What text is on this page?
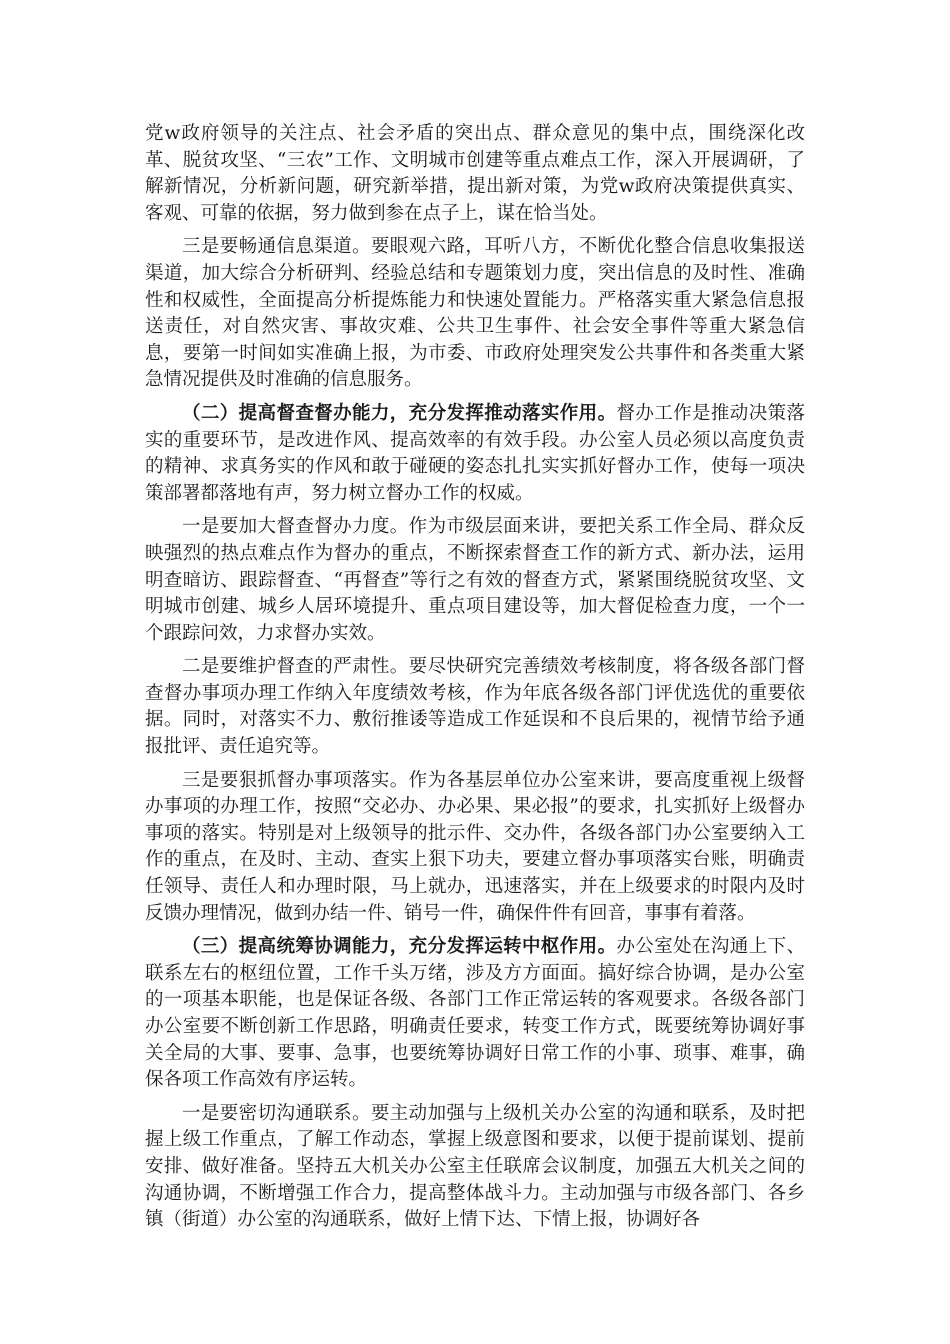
党w政府领导的关注点、社会矛盾的突出点、群众意见的集中点，围绕深化改革、脱贫攻坚、“三农”工作、文明城市创建等重点难点工作，深入开展调研，了解新情况，分析新问题，研究新举措，提出新对策，为党w政府决策提供真实、客观、可靠的依据，努力做到参在点子上，谋在恰当处。

三是要畅通信息渠道。要眼观六路，耳听八方，不断优化整合信息收集报送渠道，加大综合分析研判、经验总结和专题策划力度，突出信息的及时性、准确性和权威性，全面提高分析提炼能力和快速处置能力。严格落实重大紧急信息报送责任，对自然灾害、事故灾难、公共卫生事件、社会安全事件等重大紧急信息，要第一时间如实准确上报，为市委、市政府处理突发公共事件和各类重大紧急情况提供及时准确的信息服务。

（二）提高督查督办能力，充分发挥推动落实作用。督办工作是推动决策落实的重要环节，是改进作风、提高效率的有效手段。办公室人员必须以高度负责的精神、求真务实的作风和敢于碰硬的姿态扎扎实实抓好督办工作，使每一项决策部署都落地有声，努力树立督办工作的权威。

一是要加大督查督办力度。作为市级层面来讲，要把关系工作全局、群众反映强烈的热点难点作为督办的重点，不断探索督查工作的新方式、新办法，运用明查暗访、跟踪督查、“再督查”等行之有效的督查方式，紧紧围绕脱贫攻坚、文明城市创建、城乡人居环境提升、重点项目建设等，加大督促检查力度，一个一个跟踪问效，力求督办实效。

二是要维护督查的严肃性。要尽快研究完善绩效考核制度，将各级各部门督查督办事项办理工作纳入年度绩效考核，作为年底各级各部门评优选优的重要依据。同时，对落实不力、敷衍推诿等造成工作延误和不良后果的，视情节给予通报批评、责任追究等。

三是要狠抓督办事项落实。作为各基层单位办公室来讲，要高度重视上级督办事项的办理工作，按照“交必办、办必果、果必报”的要求，扎实抓好上级督办事项的落实。特别是对上级领导的批示件、交办件，各级各部门办公室要纳入工作的重点，在及时、主动、查实上狠下功夫，要建立督办事项落实台账，明确责任领导、责任人和办理时限，马上就办，迅速落实，并在上级要求的时限内及时反馈办理情况，做到办结一件、销号一件，确保件件有回音，事事有着落。

（三）提高统筹协调能力，充分发挥运转中枢作用。办公室处在沟通上下、联系左右的枢纽位置，工作千头万绪，涉及方方面面。搞好综合协调，是办公室的一项基本职能，也是保证各级、各部门工作正常运转的客观要求。各级各部门办公室要不断创新工作思路，明确责任要求，转变工作方式，既要统筹协调好事关全局的大事、要事、急事，也要统筹协调好日常工作的小事、琐事、难事，确保各项工作高效有序运转。

一是要密切沟通联系。要主动加强与上级机关办公室的沟通和联系，及时把握上级工作重点，了解工作动态，掌握上级意图和要求，以便于提前谋划、提前安排、做好准备。坚持五大机关办公室主任联席会议制度，加强五大机关之间的沟通协调，不断增强工作合力，提高整体战斗力。主动加强与市级各部门、各乡镇（街道）办公室的沟通联系，做好上情下达、下情上报，协调好各
